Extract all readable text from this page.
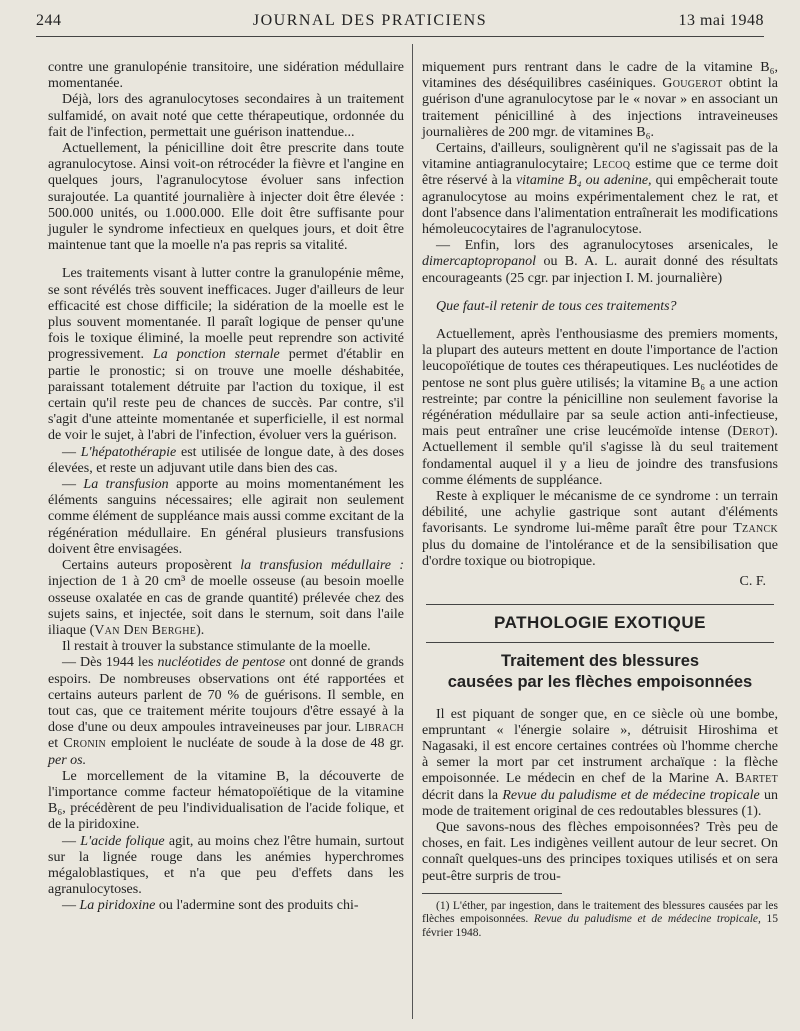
244	JOURNAL DES PRATICIENS	13 mai 1948

contre une granulopénie transitoire, une sidération médullaire momentanée.

Déjà, lors des agranulocytoses secondaires à un traitement sulfamidé, on avait noté que cette thérapeutique, ordonnée du fait de l'infection, permettait une guérison inattendue...

Actuellement, la pénicilline doit être prescrite dans toute agranulocytose. Ainsi voit-on rétrocéder la fièvre et l'angine en quelques jours, l'agranulocytose évoluer sans infection surajoutée. La quantité journalière à injecter doit être élevée : 500.000 unités, ou 1.000.000. Elle doit être suffisante pour juguler le syndrome infectieux en quelques jours, et doit être maintenue tant que la moelle n'a pas repris sa vitalité.

Les traitements visant à lutter contre la granulopénie même, se sont révélés très souvent inefficaces. Juger d'ailleurs de leur efficacité est chose difficile; la sidération de la moelle est le plus souvent momentanée. Il paraît logique de penser qu'une fois le toxique éliminé, la moelle peut reprendre son activité progressivement. La ponction sternale permet d'établir en partie le pronostic; si on trouve une moelle déshabitée, paraissant totalement détruite par l'action du toxique, il est certain qu'il reste peu de chances de succès. Par contre, s'il s'agit d'une atteinte momentanée et superficielle, il est normal de voir le sujet, à l'abri de l'infection, évoluer vers la guérison.

— L'hépatothérapie est utilisée de longue date, à des doses élevées, et reste un adjuvant utile dans bien des cas.

— La transfusion apporte au moins momentanément les éléments sanguins nécessaires; elle agirait non seulement comme élément de suppléance mais aussi comme excitant de la régénération médullaire. En général plusieurs transfusions doivent être envisagées.

Certains auteurs proposèrent la transfusion médullaire : injection de 1 à 20 cm³ de moelle osseuse (au besoin moelle osseuse oxalatée en cas de grande quantité) prélevée chez des sujets sains, et injectée, soit dans le sternum, soit dans l'aile iliaque (Van Den Berghe).

Il restait à trouver la substance stimulante de la moelle.

— Dès 1944 les nucléotides de pentose ont donné de grands espoirs. De nombreuses observations ont été rapportées et certains auteurs parlent de 70 % de guérisons. Il semble, en tout cas, que ce traitement mérite toujours d'être essayé à la dose d'une ou deux ampoules intraveineuses par jour. Librach et Cronin emploient le nucléate de soude à la dose de 48 gr. per os.

Le morcellement de la vitamine B, la découverte de l'importance comme facteur hématopoïétique de la vitamine B₆, précédèrent de peu l'individualisation de l'acide folique, et de la piridoxine.

— L'acide folique agit, au moins chez l'être humain, surtout sur la lignée rouge dans les anémies hyperchromes mégaloblastiques, et n'a que peu d'effets dans les agranulocytoses.

— La piridoxine ou l'adermine sont des produits chi-

miquement purs rentrant dans le cadre de la vitamine B₆, vitamines des déséquilibres caséiniques. Gougerot obtint la guérison d'une agranulocytose par le « novar » en associant un traitement pénicilliné à des injections intraveineuses journalières de 200 mgr. de vitamines B₆.

Certains, d'ailleurs, soulignèrent qu'il ne s'agissait pas de la vitamine antiagranulocytaire; Lecoq estime que ce terme doit être réservé à la vitamine B₄ ou adenine, qui empêcherait toute agranulocytose au moins expérimentalement chez le rat, et dont l'absence dans l'alimentation entraînerait les modifications hémoleucocytaires de l'agranulocytose.

— Enfin, lors des agranulocytoses arsenicales, le dimercaptopropanol ou B. A. L. aurait donné des résultats encourageants (25 cgr. par injection I. M. journalière)

Que faut-il retenir de tous ces traitements?

Actuellement, après l'enthousiasme des premiers moments, la plupart des auteurs mettent en doute l'importance de l'action leucopoïétique de toutes ces thérapeutiques. Les nucléotides de pentose ne sont plus guère utilisés; la vitamine B₆ a une action restreinte; par contre la pénicilline non seulement favorise la régénération médullaire par sa seule action anti-infectieuse, mais peut entraîner une crise leucémoïde intense (Derot). Actuellement il semble qu'il s'agisse là du seul traitement fondamental auquel il y a lieu de joindre des transfusions comme éléments de suppléance.

Reste à expliquer le mécanisme de ce syndrome : un terrain débilité, une achylie gastrique sont autant d'éléments favorisants. Le syndrome lui-même paraît être pour Tzanck plus du domaine de l'intolérance et de la sensibilisation que d'ordre toxique ou biotropique.

C. F.

PATHOLOGIE EXOTIQUE
Traitement des blessures
causées par les flèches empoisonnées

Il est piquant de songer que, en ce siècle où une bombe, empruntant « l'énergie solaire », détruisit Hiroshima et Nagasaki, il est encore certaines contrées où l'homme cherche à semer la mort par cet instrument archaïque : la flèche empoisonnée. Le médecin en chef de la Marine A. Bartet décrit dans la Revue du paludisme et de médecine tropicale un mode de traitement original de ces redoutables blessures (1).

Que savons-nous des flèches empoisonnées? Très peu de choses, en fait. Les indigènes veillent autour de leur secret. On connaît quelques-uns des principes toxiques utilisés et on sera peut-être surpris de trou-

(1) L'éther, par ingestion, dans le traitement des blessures causées par les flèches empoisonnées. Revue du paludisme et de médecine tropicale, 15 février 1948.
